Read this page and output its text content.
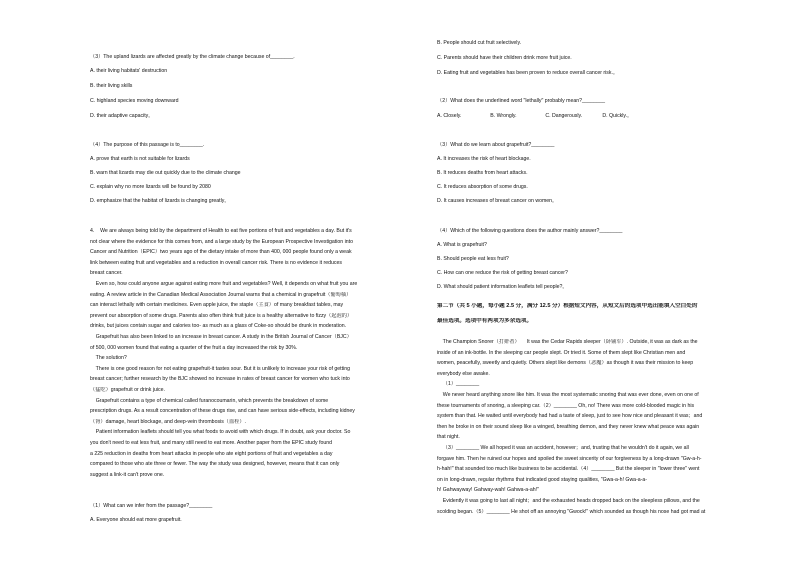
（3）The upland lizards are affected greatly by the climate change because of________.
A. their living habitats' destruction
B. their living skills
C. highland species moving downward
D. their adaptive capacity。
（4）The purpose of this passage is to________.
A. prove that earth is not suitable for lizards
B. warn that lizards may die out quickly due to the climate change
C. explain why no more lizards will be found by 2080
D. emphasize that the habitat of lizards is changing greatly。
4.    We are always being told by the department of Health to eat five portions of fruit and vegetables a day. But it's
not clear where the evidence for this comes from, and a large study by the European Prospective Investigation into
Cancer and Nutrition（EPIC）two years ago of the dietary intake of more than 400, 000 people found only a weak
link between eating fruit and vegetables and a reduction in overall cancer risk. There is no evidence it reduces
breast cancer.
Even so, how could anyone argue against eating more fruit and vegetables? Well, it depends on what fruit you are
eating. A review article in the Canadian Medical Association Journal warns that a chemical in grapefruit（葡萄柚）
can interact lethally with certain medicines. Even apple juice, the staple（主食）of many breakfast tables, may
prevent our absorption of some drugs. Parents also often think fruit juice is a healthy alternative to fizzy（起泡的）
drinks, but juices contain sugar and calories too- as much as a glass of Coke-so should be drunk in moderation.
Grapefruit has also been linked to an increase in breast cancer. A study in the British Journal of Cancer（BJC）
of 500, 000 women found that eating a quarter of the fruit a day increased the risk by 30%.
The solution?
There is one good reason for not eating grapefruit-it tastes sour. But it is unlikely to increase your risk of getting
breast cancer; further research by the BJC showed no increase in rates of breast cancer for women who tuck into
（猛吃）grapefruit or drink juice.
Grapefruit contains a type of chemical called furanocoumarin, which prevents the breakdown of some
prescription drugs. As a result concentration of these drugs rise, and can have serious side-effects, including kidney
（肾）damage, heart blockage, and deep-vein thrombosis（血栓）.
Patient information leaflets should tell you what foods to avoid with which drugs. If in doubt, ask your doctor. So
you don't need to eat less fruit, and many still need to eat more. Another paper from the EPIC study found
a 225 reduction in deaths from heart attacks in people who ate eight portions of fruit and vegetables a day
compared to those who ate three or fewer. The way the study was designed, however, means that it can only
suggest a link-it can't prove one.
（1）What can we infer from the passage?________
A. Everyone should eat more grapefruit.
B. People should cut fruit selectively.
C. Parents should have their children drink more fruit juice.
D. Eating fruit and vegetables has been proven to reduce overall cancer risk.。
（2）What does the underlined word "lethally" probably mean?________
A. Closely.                    B. Wrongly.                    C. Dangerously.              D. Quickly.。
（3）What do we learn about grapefruit?________
A. It increases the risk of heart blockage.
B. It reduces deaths from heart attacks.
C. It reduces absorption of some drugs.
D. It causes increases of breast cancer on women。
（4）Which of the following questions does the author mainly answer?________
A. What is grapefruit?
B. Should people eat less fruit?
C. How can one reduce the risk of getting breast cancer?
D. What should patient information leaflets tell people?。
第二节（共 5 小题，每小题 2.5 分，满分 12.5 分）根据短文内容，从短文后的选项中选出能填入空白处的
最佳选项。选项中有两项为多余选项。
The Champion Snorer（打鼾者）     It was the Cedar Rapids sleeper（卧铺车）. Outside, it was as dark as the
inside of an ink-bottle. In the sleeping car people slept. Or tried it. Some of them slept like Christian men and
women, peacefully, sweetly and quietly. Others slept like demons（恶魔）as though it was their mission to keep
everybody else awake.
（1）________
We never heard anything snore like him. It was the most systematic snoring that was ever done, even on one of
these tournaments of snoring, a sleeping car.（2）________ Oh, no! There was more cold-blooded magic in his
system than that. He waited until everybody had had a taste of sleep, just to see how nice and pleasant it was；and
then he broke in on their sound sleep like a winged, breathing demon, and they never knew what peace was again
that night.
（3）________ We all hoped it was an accident, however；and, trusting that he wouldn't do it again, we all
forgave him. Then he ruined our hopes and spoiled the sweet sincerity of our forgiveness by a long-drawn "Gw-a-h-
h-hah!" that sounded too much like business to be accidental.（4）________ But the sleeper in "lower three" went
on in long-drawn, regular rhythms that indicated good staying qualities, "Gwa-a-h! Gwa-a-a-
h! Gahwayway! Gahway-wah! Gahwa-a-ah!"
Evidently it was going to last all night；and the exhausted heads dropped back on the sleepless pillows, and the
scolding began.（5）________ He shot off an annoying "Gwock!" which sounded as though his nose had got mad at
